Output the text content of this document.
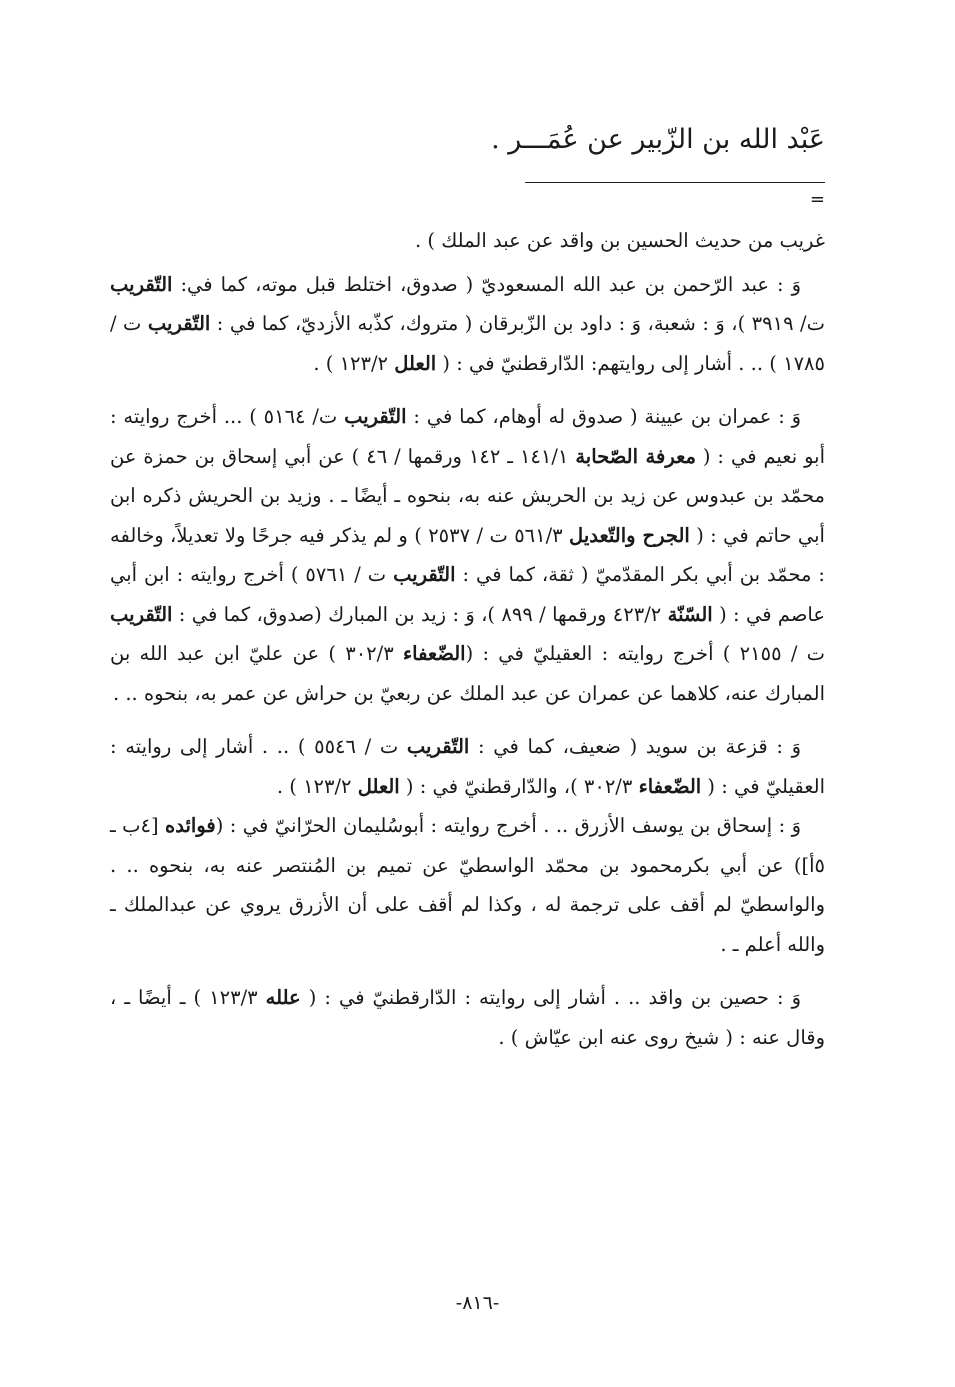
عَبْد الله بن الزّبير عن عُمَـــر .
=

غريب من حديث الحسين بن واقد عن عبد الملك ) .

وَ : عبد الرّحمن بن عبد الله المسعوديّ ( صدوق، اختلط قبل موته، كما في: التّقريب ت/ ٣٩١٩ )، وَ : شعبة، وَ : داود بن الزّبرقان ( متروك، كذّبه الأزديّ، كما في : التّقريب ت / ١٧٨٥ ) .. . أشار إلى روايتهم: الدّارقطنيّ في : ( العلل ١٢٣/٢ ) .

وَ : عمران بن عيينة ( صدوق له أوهام، كما في : التّقريب ت/ ٥١٦٤ ) ... أخرج روايته : أبو نعيم في : ( معرفة الصّحابة ١٤١/١ ـ ١٤٢ ورقمها / ٤٦ ) عن أبي إسحاق بن حمزة عن محمّد بن عبدوس عن زيد بن الحريش عنه به، بنحوه ـ أيضًا ـ . وزيد بن الحريش ذكره ابن أبي حاتم في : ( الجرح والتّعديل ٥٦١/٣ ت / ٢٥٣٧ ) و لم يذكر فيه جرحًا ولا تعديلاً، وخالفه : محمّد بن أبي بكر المقدّميّ ( ثقة، كما في : التّقريب ت / ٥٧٦١ ) أخرج روايته : ابن أبي عاصم في : ( السّنّة ٤٢٣/٢ ورقمها / ٨٩٩ )، وَ : زيد بن المبارك (صدوق، كما في : التّقريب ت / ٢١٥٥ ) أخرج روايته : العقيليّ في : (الضّعفاء ٣٠٢/٣ ) عن عليّ ابن عبد الله بن المبارك عنه، كلاهما عن عمران عن عبد الملك عن ربعيّ بن حراش عن عمر به، بنحوه .. .

وَ : قزعة بن سويد ( ضعيف، كما في : التّقريب ت / ٥٥٤٦ ) .. . أشار إلى روايته : العقيليّ في : ( الضّعفاء ٣٠٢/٣ )، والدّارقطنيّ في : ( العلل ١٢٣/٢ ) .

وَ : إسحاق بن يوسف الأزرق .. . أخرج روايته : أبوسُليمان الحرّانيّ في : (فوائده [٤ب ـ ٥أ]) عن أبي بكرمحمود بن محمّد الواسطيّ عن تميم بن المُنتصر عنه به، بنحوه .. . والواسطيّ لم أقف على ترجمة له ، وكذا لم أقف على أن الأزرق يروي عن عبدالملك ـ والله أعلم ـ .

وَ : حصين بن واقد .. . أشار إلى روايته : الدّارقطنيّ في : ( علله ١٢٣/٣ ) ـ أيضًا ـ ، وقال عنه : ( شيخ روى عنه ابن عيّاش ) .

-٨١٦-
